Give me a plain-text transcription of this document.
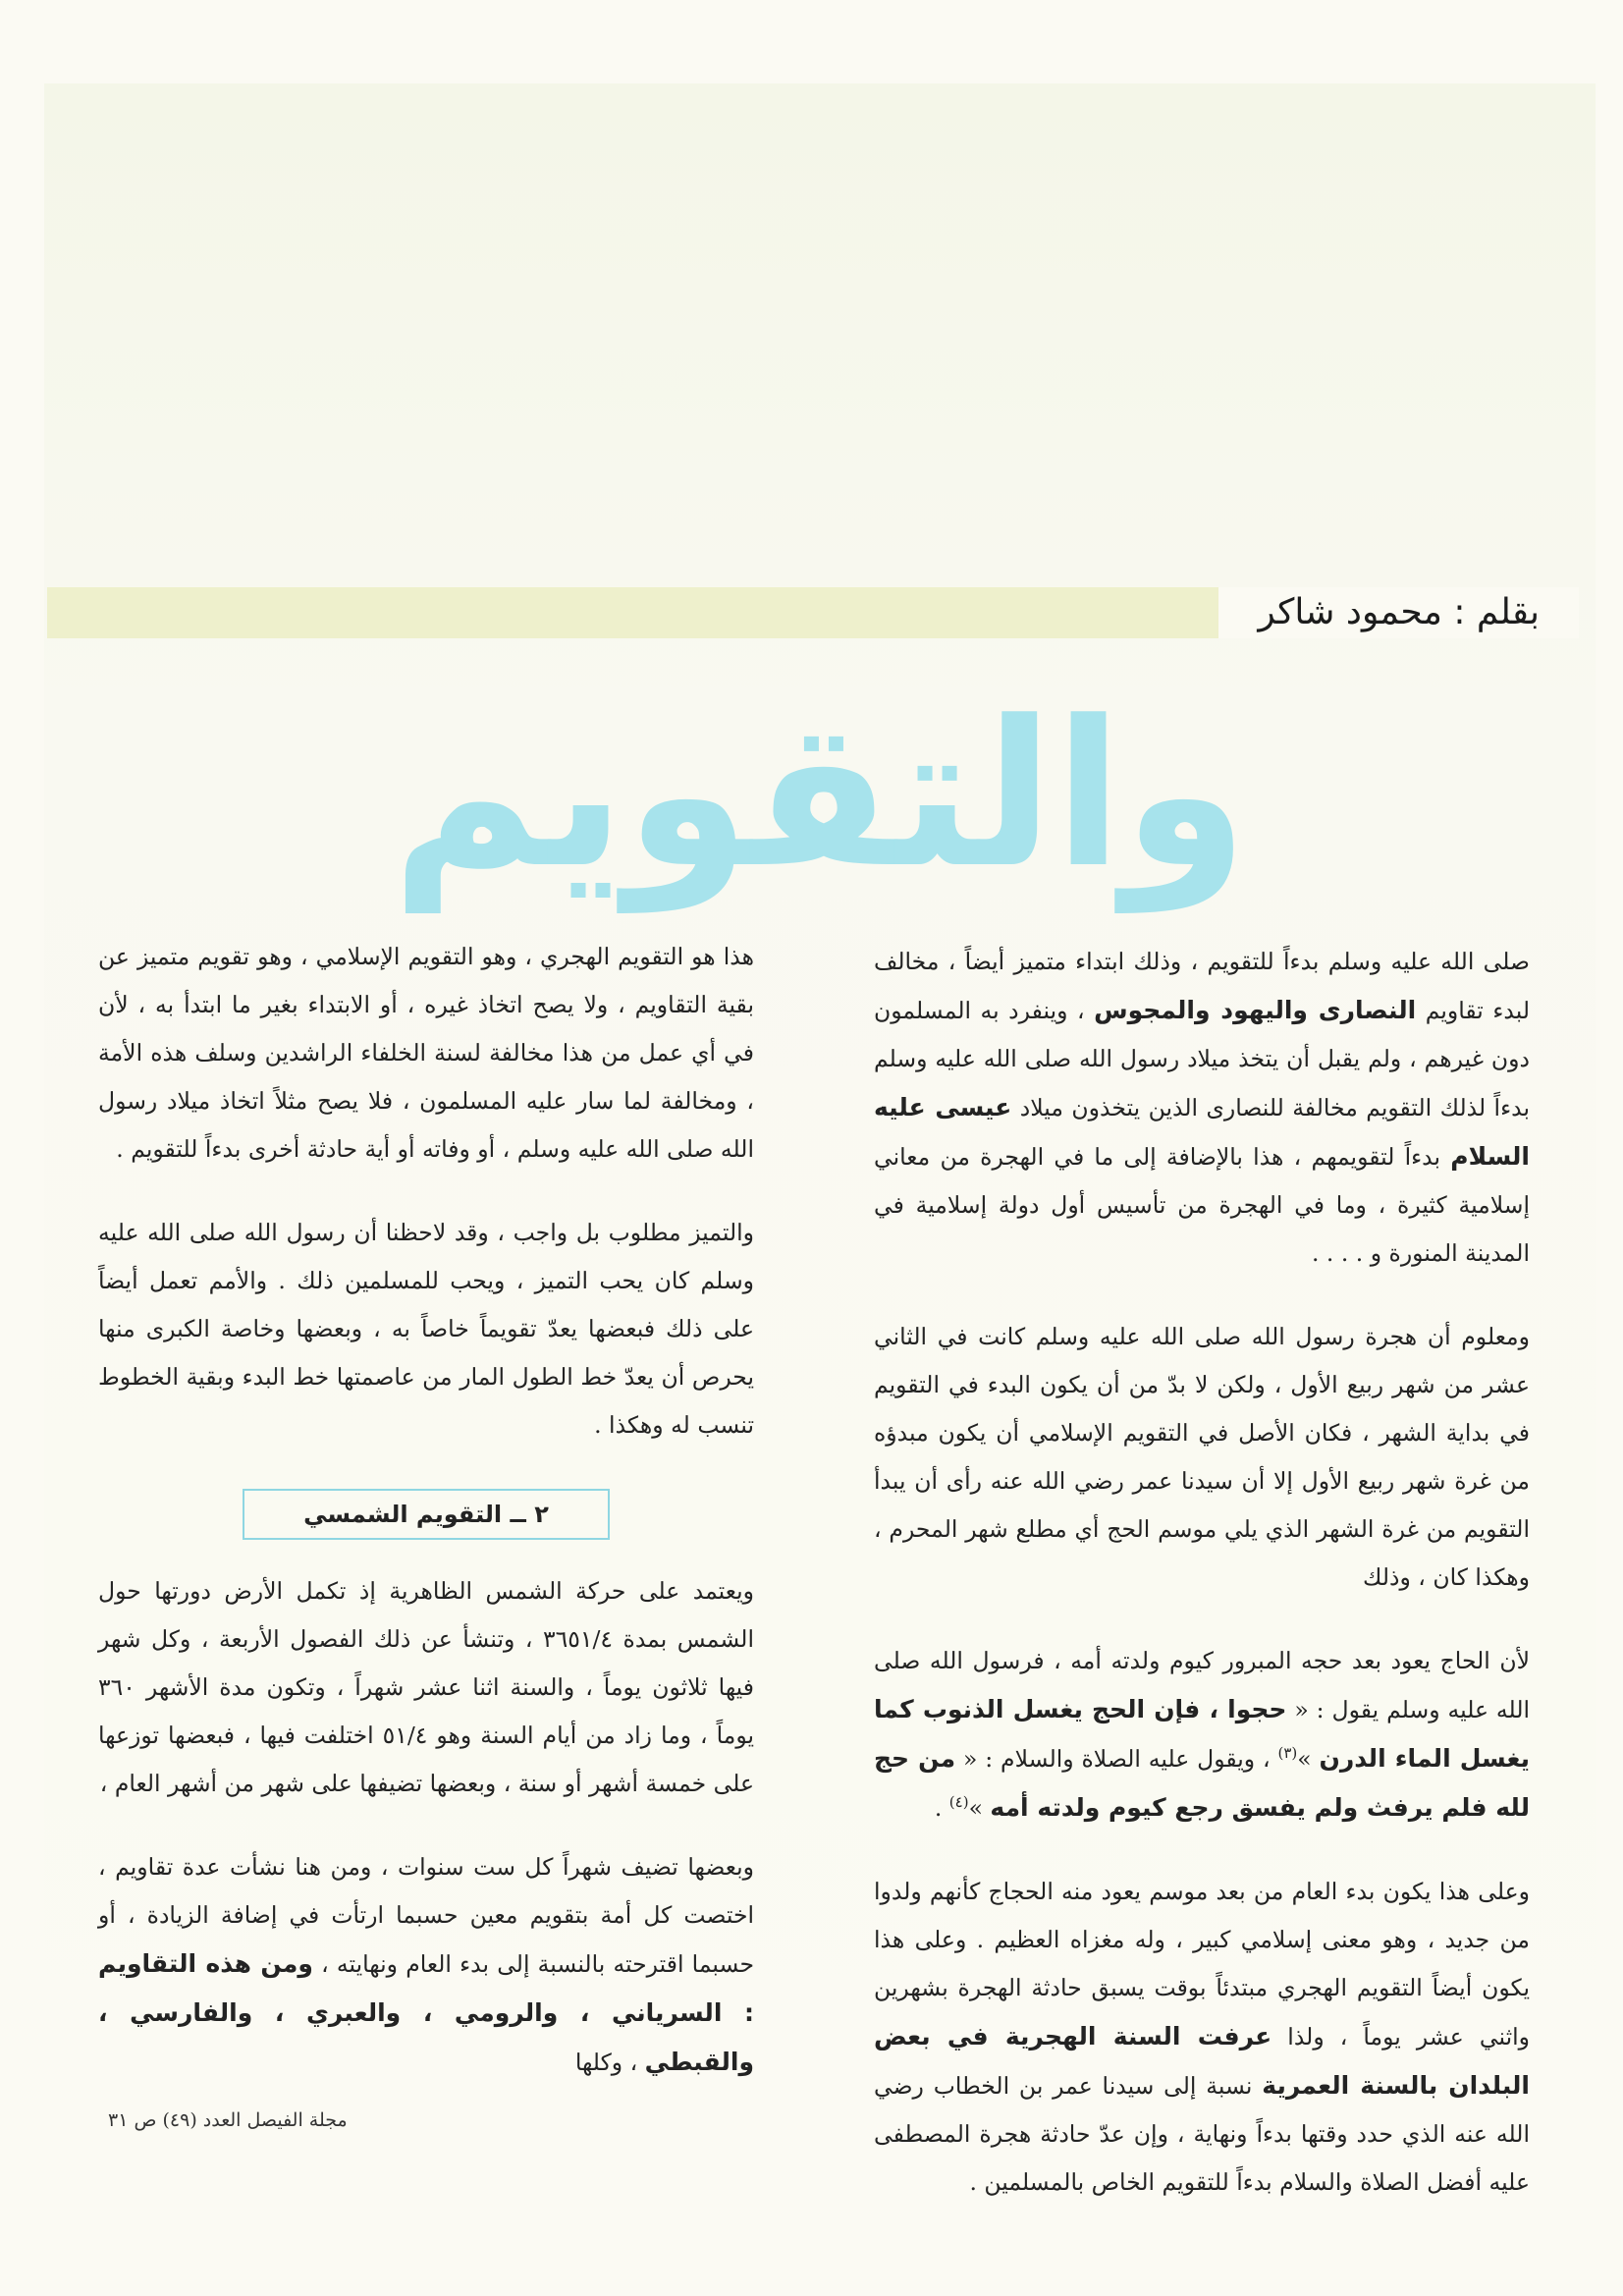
بقلم : محمود شاكر
والتقويم

صلى الله عليه وسلم بدءاً للتقويم ، وذلك ابتداء متميز أيضاً ، مخالف لبدء تقاويم النصارى واليهود والمجوس ، وينفرد به المسلمون دون غيرهم ، ولم يقبل أن يتخذ ميلاد رسول الله صلى الله عليه وسلم بدءاً لذلك التقويم مخالفة للنصارى الذين يتخذون ميلاد عيسى عليه السلام بدءاً لتقويمهم ، هذا بالإضافة إلى ما في الهجرة من معاني إسلامية كثيرة ، وما في الهجرة من تأسيس أول دولة إسلامية في المدينة المنورة و . . . .

ومعلوم أن هجرة رسول الله صلى الله عليه وسلم كانت في الثاني عشر من شهر ربيع الأول ، ولكن لا بدّ من أن يكون البدء في التقويم في بداية الشهر ، فكان الأصل في التقويم الإسلامي أن يكون مبدؤه من غرة شهر ربيع الأول إلا أن سيدنا عمر رضي الله عنه رأى أن يبدأ التقويم من غرة الشهر الذي يلي موسم الحج أي مطلع شهر المحرم ، وهكذا كان ، وذلك

لأن الحاج يعود بعد حجه المبرور كيوم ولدته أمه ، فرسول الله صلى الله عليه وسلم يقول : « حجوا ، فإن الحج يغسل الذنوب كما يغسل الماء الدرن »$^{(٣)}$ ، ويقول عليه الصلاة والسلام : « من حج لله فلم يرفث ولم يفسق رجع كيوم ولدته أمه »$^{(٤)}$ .

وعلى هذا يكون بدء العام من بعد موسم يعود منه الحجاج كأنهم ولدوا من جديد ، وهو معنى إسلامي كبير ، وله مغزاه العظيم . وعلى هذا يكون أيضاً التقويم الهجري مبتدئاً بوقت يسبق حادثة الهجرة بشهرين واثني عشر يوماً ، ولذا عرفت السنة الهجرية في بعض البلدان بالسنة العمرية نسبة إلى سيدنا عمر بن الخطاب رضي الله عنه الذي حدد وقتها بدءاً ونهاية ، وإن عدّ حادثة هجرة المصطفى عليه أفضل الصلاة والسلام بدءاً للتقويم الخاص بالمسلمين .

هذا هو التقويم الهجري ، وهو التقويم الإسلامي ، وهو تقويم متميز عن بقية التقاويم ، ولا يصح اتخاذ غيره ، أو الابتداء بغير ما ابتدأ به ، لأن في أي عمل من هذا مخالفة لسنة الخلفاء الراشدين وسلف هذه الأمة ، ومخالفة لما سار عليه المسلمون ، فلا يصح مثلاً اتخاذ ميلاد رسول الله صلى الله عليه وسلم ، أو وفاته أو أية حادثة أخرى بدءاً للتقويم .

والتميز مطلوب بل واجب ، وقد لاحظنا أن رسول الله صلى الله عليه وسلم كان يحب التميز ، ويحب للمسلمين ذلك . والأمم تعمل أيضاً على ذلك فبعضها يعدّ تقويماً خاصاً به ، وبعضها وخاصة الكبرى منها يحرص أن يعدّ خط الطول المار من عاصمتها خط البدء وبقية الخطوط تنسب له وهكذا .

٢ ــ التقويم الشمسي

ويعتمد على حركة الشمس الظاهرية إذ تكمل الأرض دورتها حول الشمس بمدة ٣٦٥١/٤ ، وتنشأ عن ذلك الفصول الأربعة ، وكل شهر فيها ثلاثون يوماً ، والسنة اثنا عشر شهراً ، وتكون مدة الأشهر ٣٦٠ يوماً ، وما زاد من أيام السنة وهو ٥١/٤ اختلفت فيها ، فبعضها توزعها على خمسة أشهر أو سنة ، وبعضها تضيفها على شهر من أشهر العام ،

وبعضها تضيف شهراً كل ست سنوات ، ومن هنا نشأت عدة تقاويم ، اختصت كل أمة بتقويم معين حسبما ارتأت في إضافة الزيادة ، أو حسبما اقترحته بالنسبة إلى بدء العام ونهايته ، ومن هذه التقاويم : السرياني ، والرومي ، والعبري ، والفارسي ، والقبطي ، وكلها

مجلة الفيصل العدد (٤٩) ص ٣١
